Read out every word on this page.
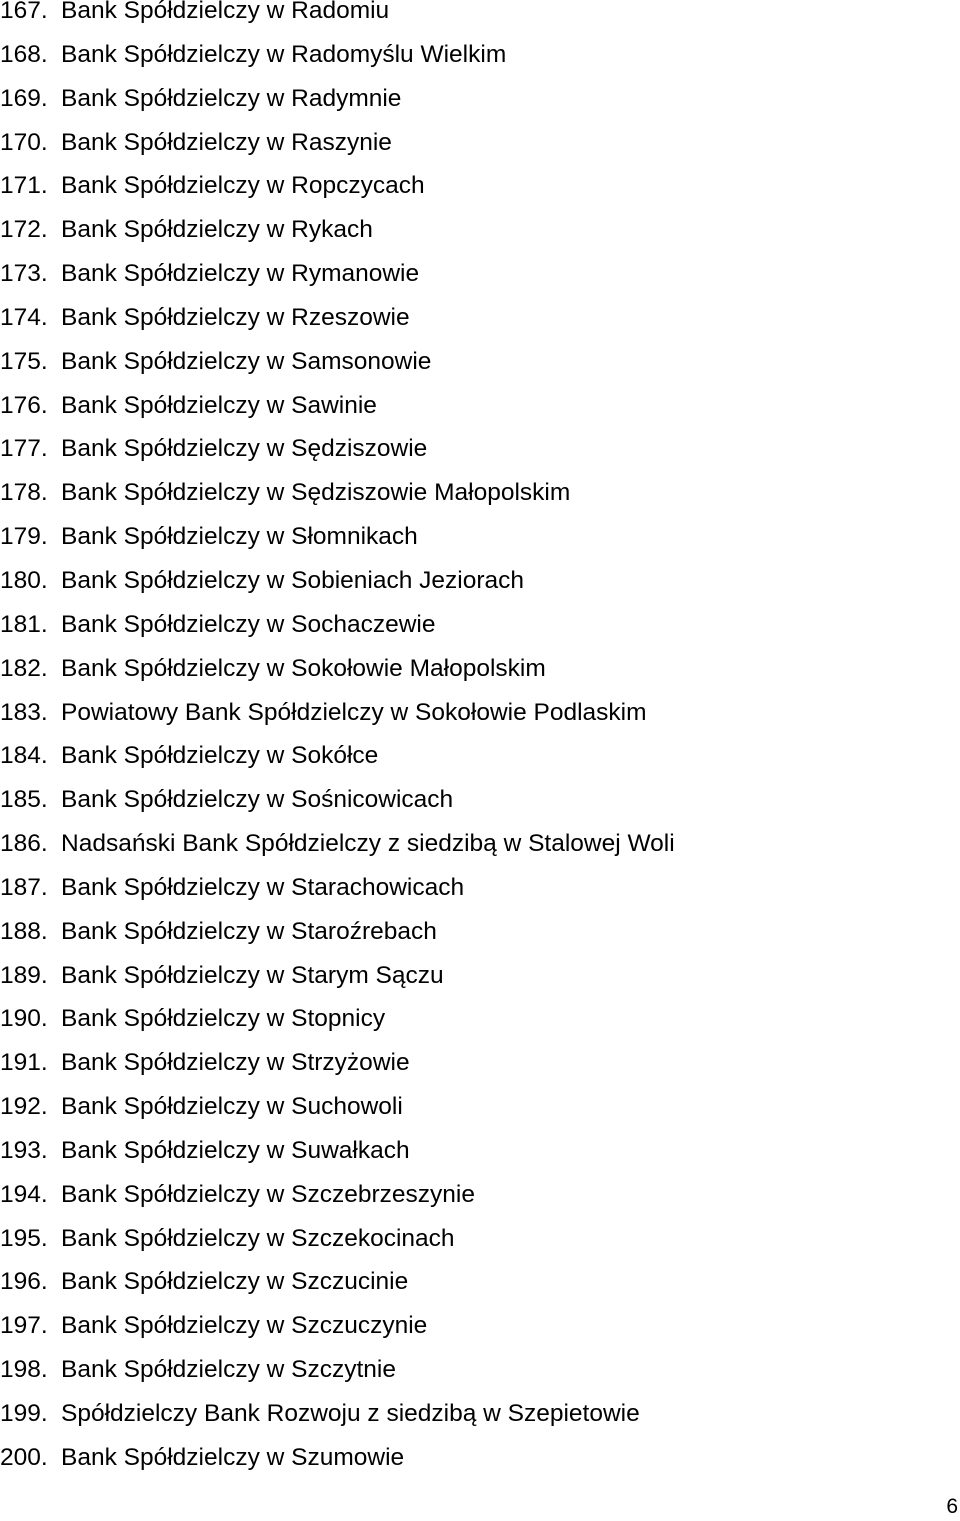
167. Bank Spółdzielczy w Radomiu
168. Bank Spółdzielczy w Radomyślu Wielkim
169. Bank Spółdzielczy w Radymnie
170. Bank Spółdzielczy w Raszynie
171. Bank Spółdzielczy w Ropczycach
172. Bank Spółdzielczy w Rykach
173. Bank Spółdzielczy w Rymanowie
174. Bank Spółdzielczy w Rzeszowie
175. Bank Spółdzielczy w Samsonowie
176. Bank Spółdzielczy w Sawinie
177. Bank Spółdzielczy w Sędziszowie
178. Bank Spółdzielczy w Sędziszowie Małopolskim
179. Bank Spółdzielczy w Słomnikach
180. Bank Spółdzielczy w Sobieniach Jeziorach
181. Bank Spółdzielczy w Sochaczewie
182. Bank Spółdzielczy w Sokołowie Małopolskim
183. Powiatowy Bank Spółdzielczy w Sokołowie Podlaskim
184. Bank Spółdzielczy w Sokółce
185. Bank Spółdzielczy w Sośnicowicach
186. Nadsański Bank Spółdzielczy z siedzibą w Stalowej Woli
187. Bank Spółdzielczy w Starachowicach
188. Bank Spółdzielczy w Staroźrebach
189. Bank Spółdzielczy w Starym Sączu
190. Bank Spółdzielczy w Stopnicy
191. Bank Spółdzielczy w Strzyżowie
192. Bank Spółdzielczy w Suchowoli
193. Bank Spółdzielczy w Suwałkach
194. Bank Spółdzielczy w Szczebrzeszynie
195. Bank Spółdzielczy w Szczekocinach
196. Bank Spółdzielczy w Szczucinie
197. Bank Spółdzielczy w Szczuczynie
198. Bank Spółdzielczy w Szczytnie
199. Spółdzielczy Bank Rozwoju z siedzibą w Szepietowie
200. Bank Spółdzielczy w Szumowie
6
